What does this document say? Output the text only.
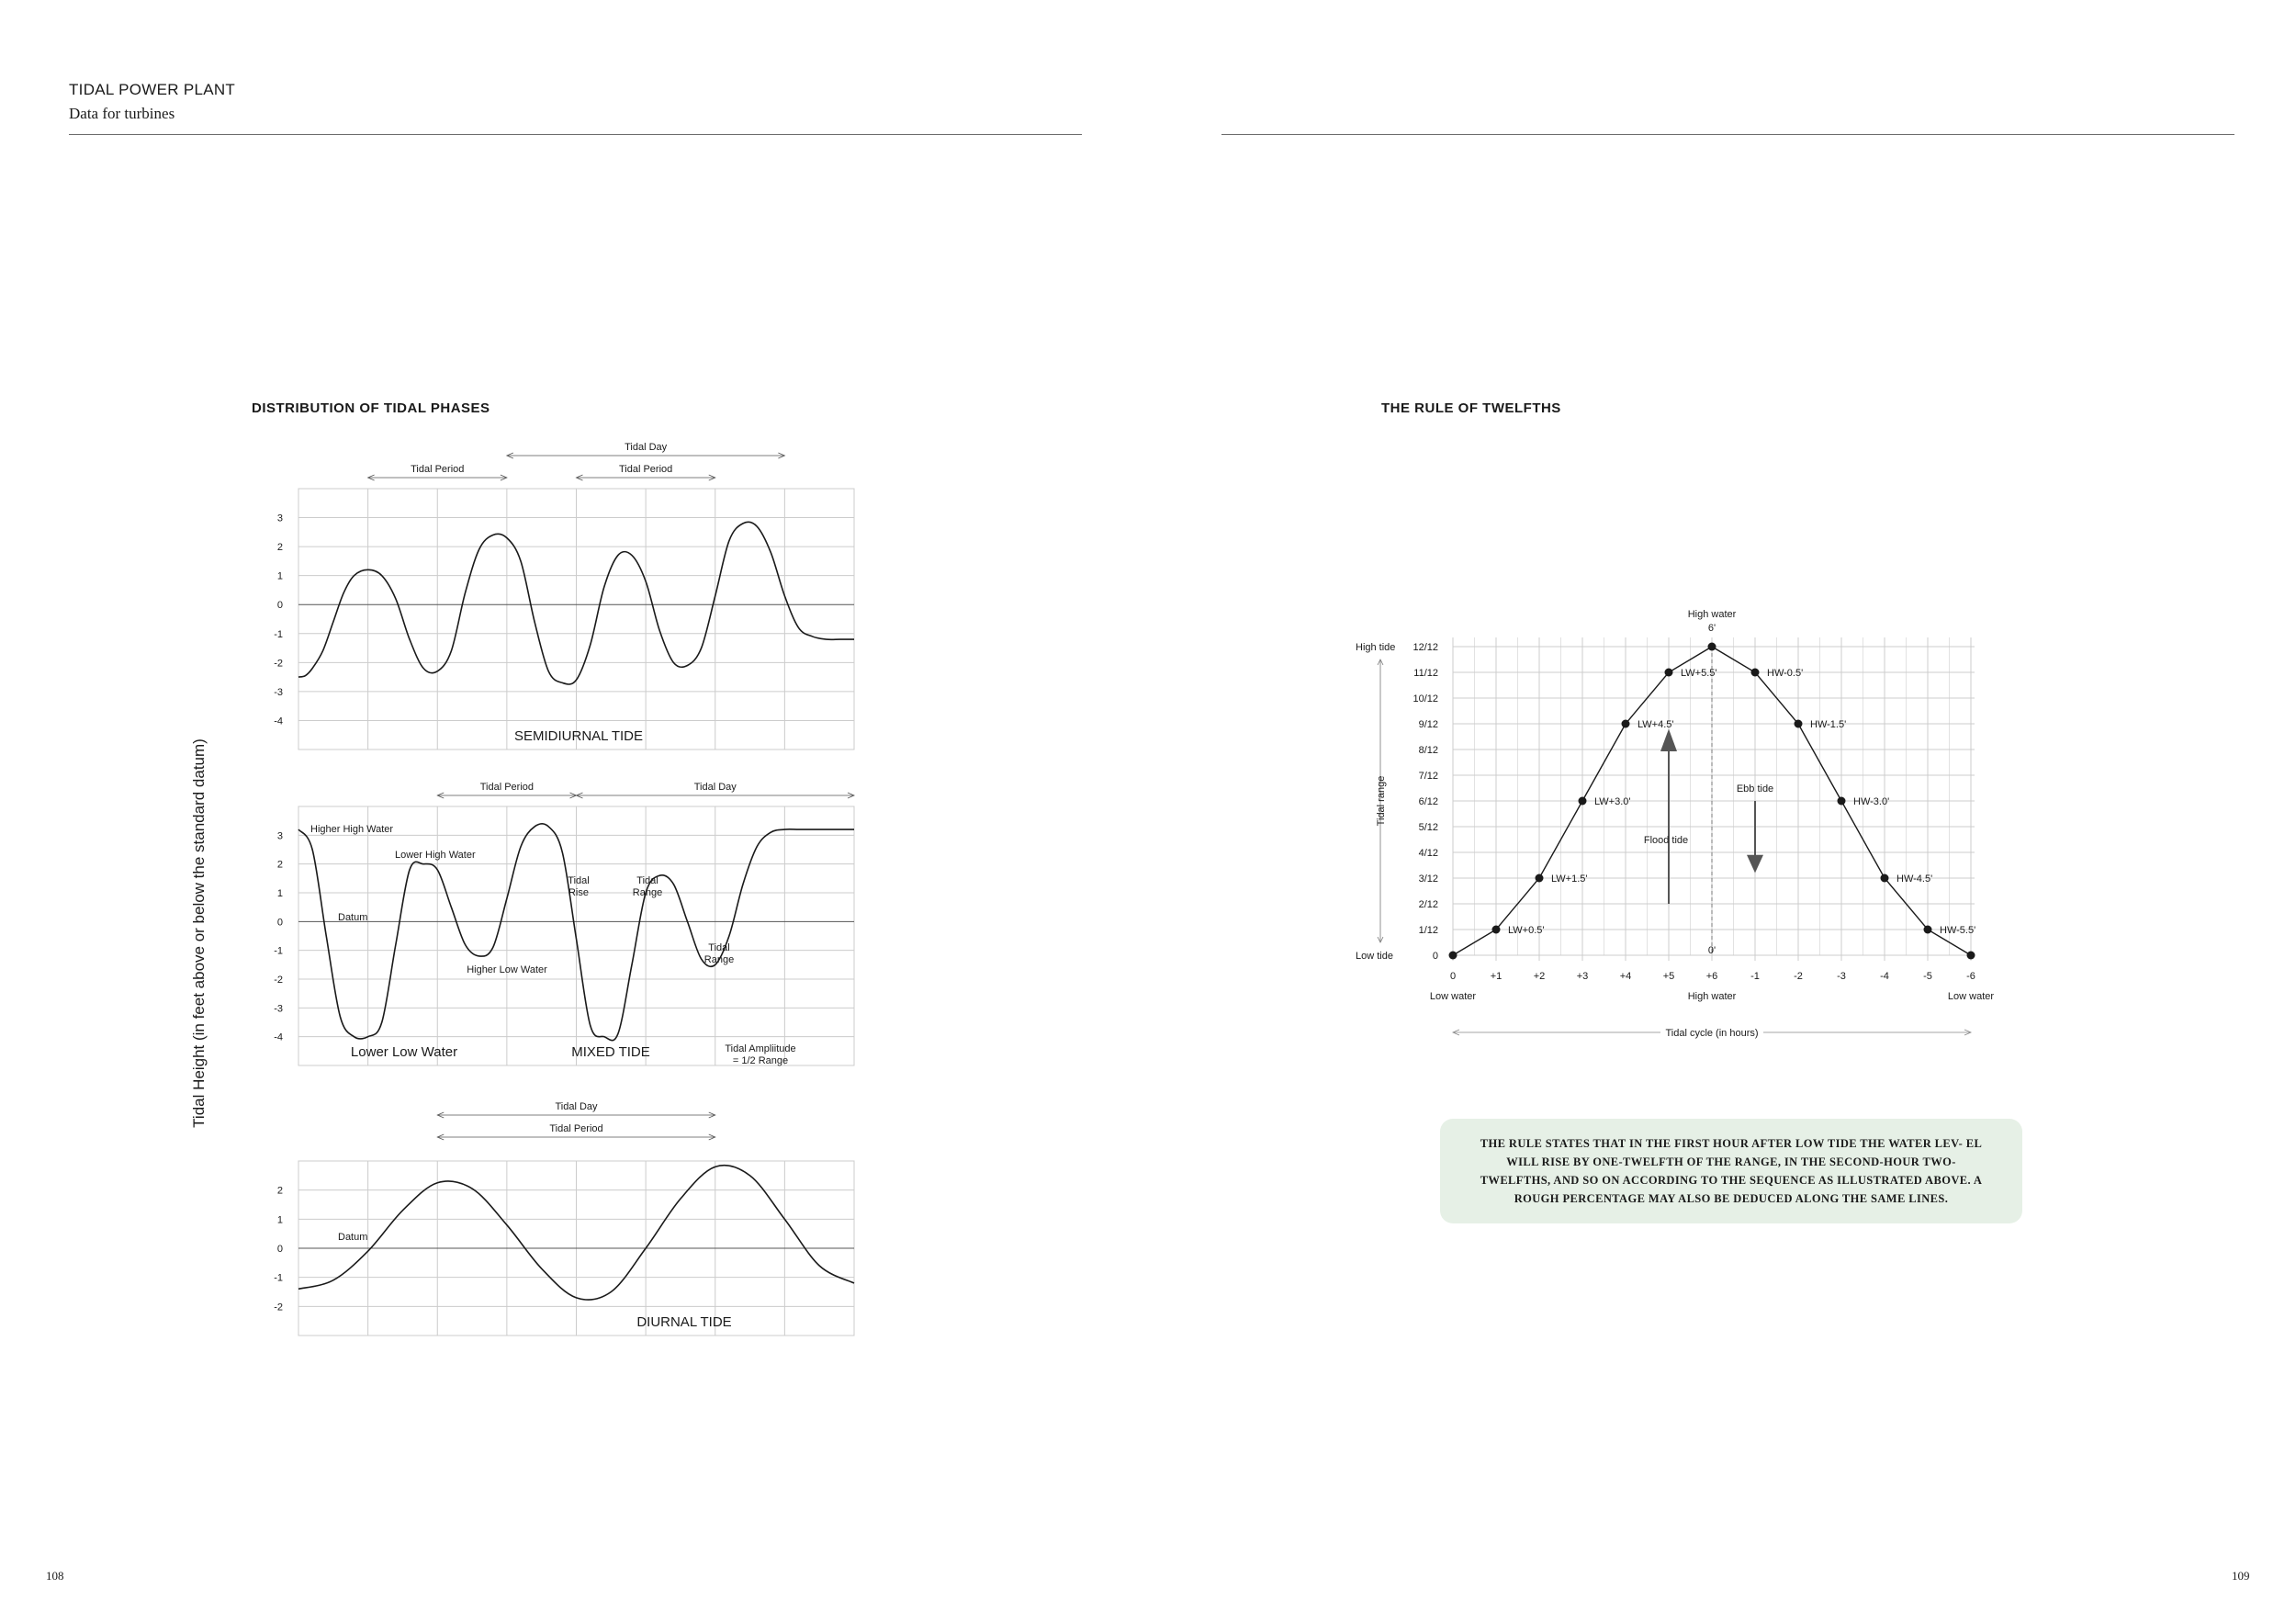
TIDAL POWER PLANT
Data for turbines
DISTRIBUTION OF TIDAL PHASES	THE RULE OF TWELFTHS
Tidal Height (in feet above or below the standard datum)
3
2
1
0
-1
-2
-3
-4
Tidal Day
Tidal Period	Tidal Period
SEMIDIURNAL TIDE
3
2
1
0
-1
-2
-3
-4
Tidal Period	Tidal Day
MIXED TIDE
Higher High Water
Lower High Water
Datum
Tidal Rise
Tidal Range
Tidal Range
Higher Low Water
Lower Low Water	Tidal Ampliitude = 1/2 Range
2
1
0
-1
-2
Tidal Day
Tidal Period
DIURNAL TIDE
Datum
0
1/12
2/12
3/12
4/12
5/12
6/12
7/12
8/12
9/12
10/12
11/12
12/12
0	+1	+2	+3	+4	+5	+6	-1	-2	-3	-4	-5	-6
LW+0.5'
LW+1.5'
LW+3.0'
LW+4.5'
LW+5.5'	HW-0.5'
HW-1.5'
HW-3.0'
HW-4.5'
HW-5.5'
High water
6'
0'
High tide
Low tide
Tidal range
Low water	High water	Low water
Tidal cycle (in hours)
Flood tide
Ebb tide
THE RULE STATES THAT IN THE FIRST HOUR AFTER LOW TIDE THE WATER LEV- EL WILL RISE BY ONE-TWELFTH OF THE RANGE, IN THE SECOND-HOUR TWO- TWELFTHS, AND SO ON ACCORDING TO THE SEQUENCE AS ILLUSTRATED ABOVE. A ROUGH PERCENTAGE MAY ALSO BE DEDUCED ALONG THE SAME LINES.
108	109
